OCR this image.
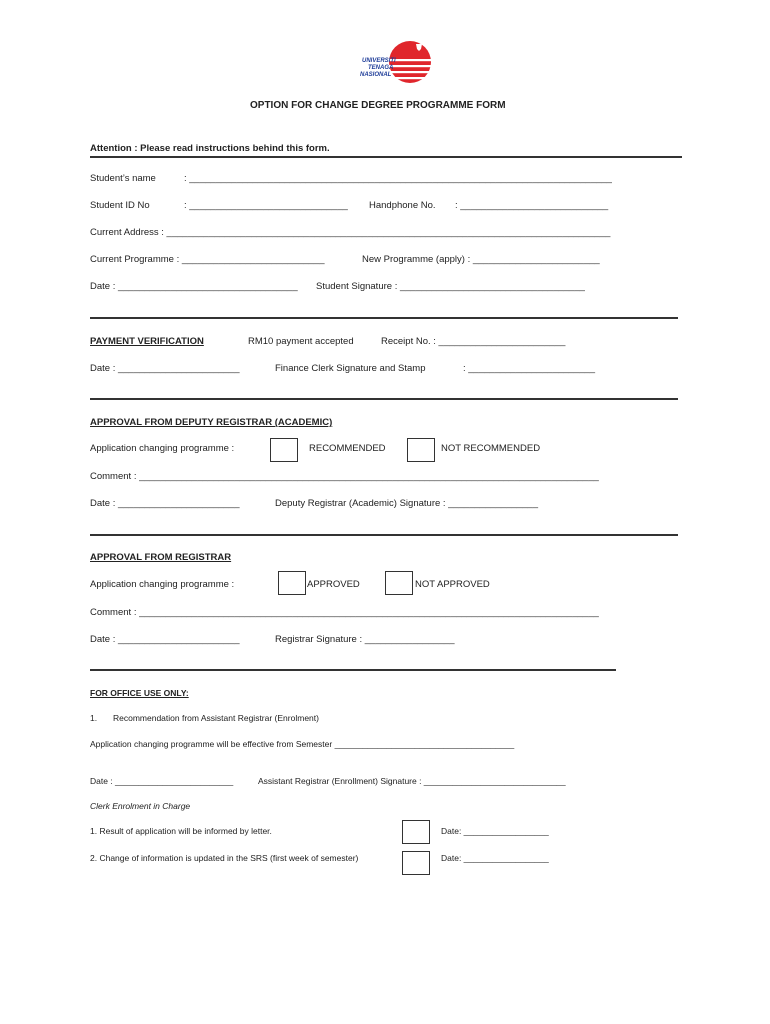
UNIVERSITI
TENAGA
NASIONAL
OPTION FOR CHANGE DEGREE PROGRAMME FORM
Attention : Please read instructions behind this form.
Student’s name	: ________________________________________________________________________________
Student ID No	: ______________________________ Handphone No. : ____________________________
Current Address : ____________________________________________________________________________________
Current Programme : ___________________________	New Programme (apply) : ________________________
Date : __________________________________ Student Signature : ___________________________________
PAYMENT VERIFICATION	RM10 payment accepted	Receipt No. : ________________________
Date : _______________________	Finance Clerk Signature and Stamp	: ________________________
APPROVAL FROM DEPUTY REGISTRAR (ACADEMIC)
Application changing programme :	RECOMMENDED	NOT RECOMMENDED
Comment : _______________________________________________________________________________________
Date : _______________________	Deputy Registrar (Academic) Signature : _________________
APPROVAL FROM REGISTRAR
Application changing programme :	APPROVED	NOT APPROVED
Comment : _______________________________________________________________________________________
Date : _______________________	Registrar Signature : _________________
FOR OFFICE USE ONLY:
1. Recommendation from Assistant Registrar (Enrolment)
Application changing programme will be effective from Semester ______________________________________
Date : _________________________	Assistant Registrar (Enrollment) Signature : ______________________________
Clerk Enrolment in Charge
1. Result of application will be informed by letter.	Date: __________________
2. Change of information is updated in the SRS (first week of semester)	Date: __________________
